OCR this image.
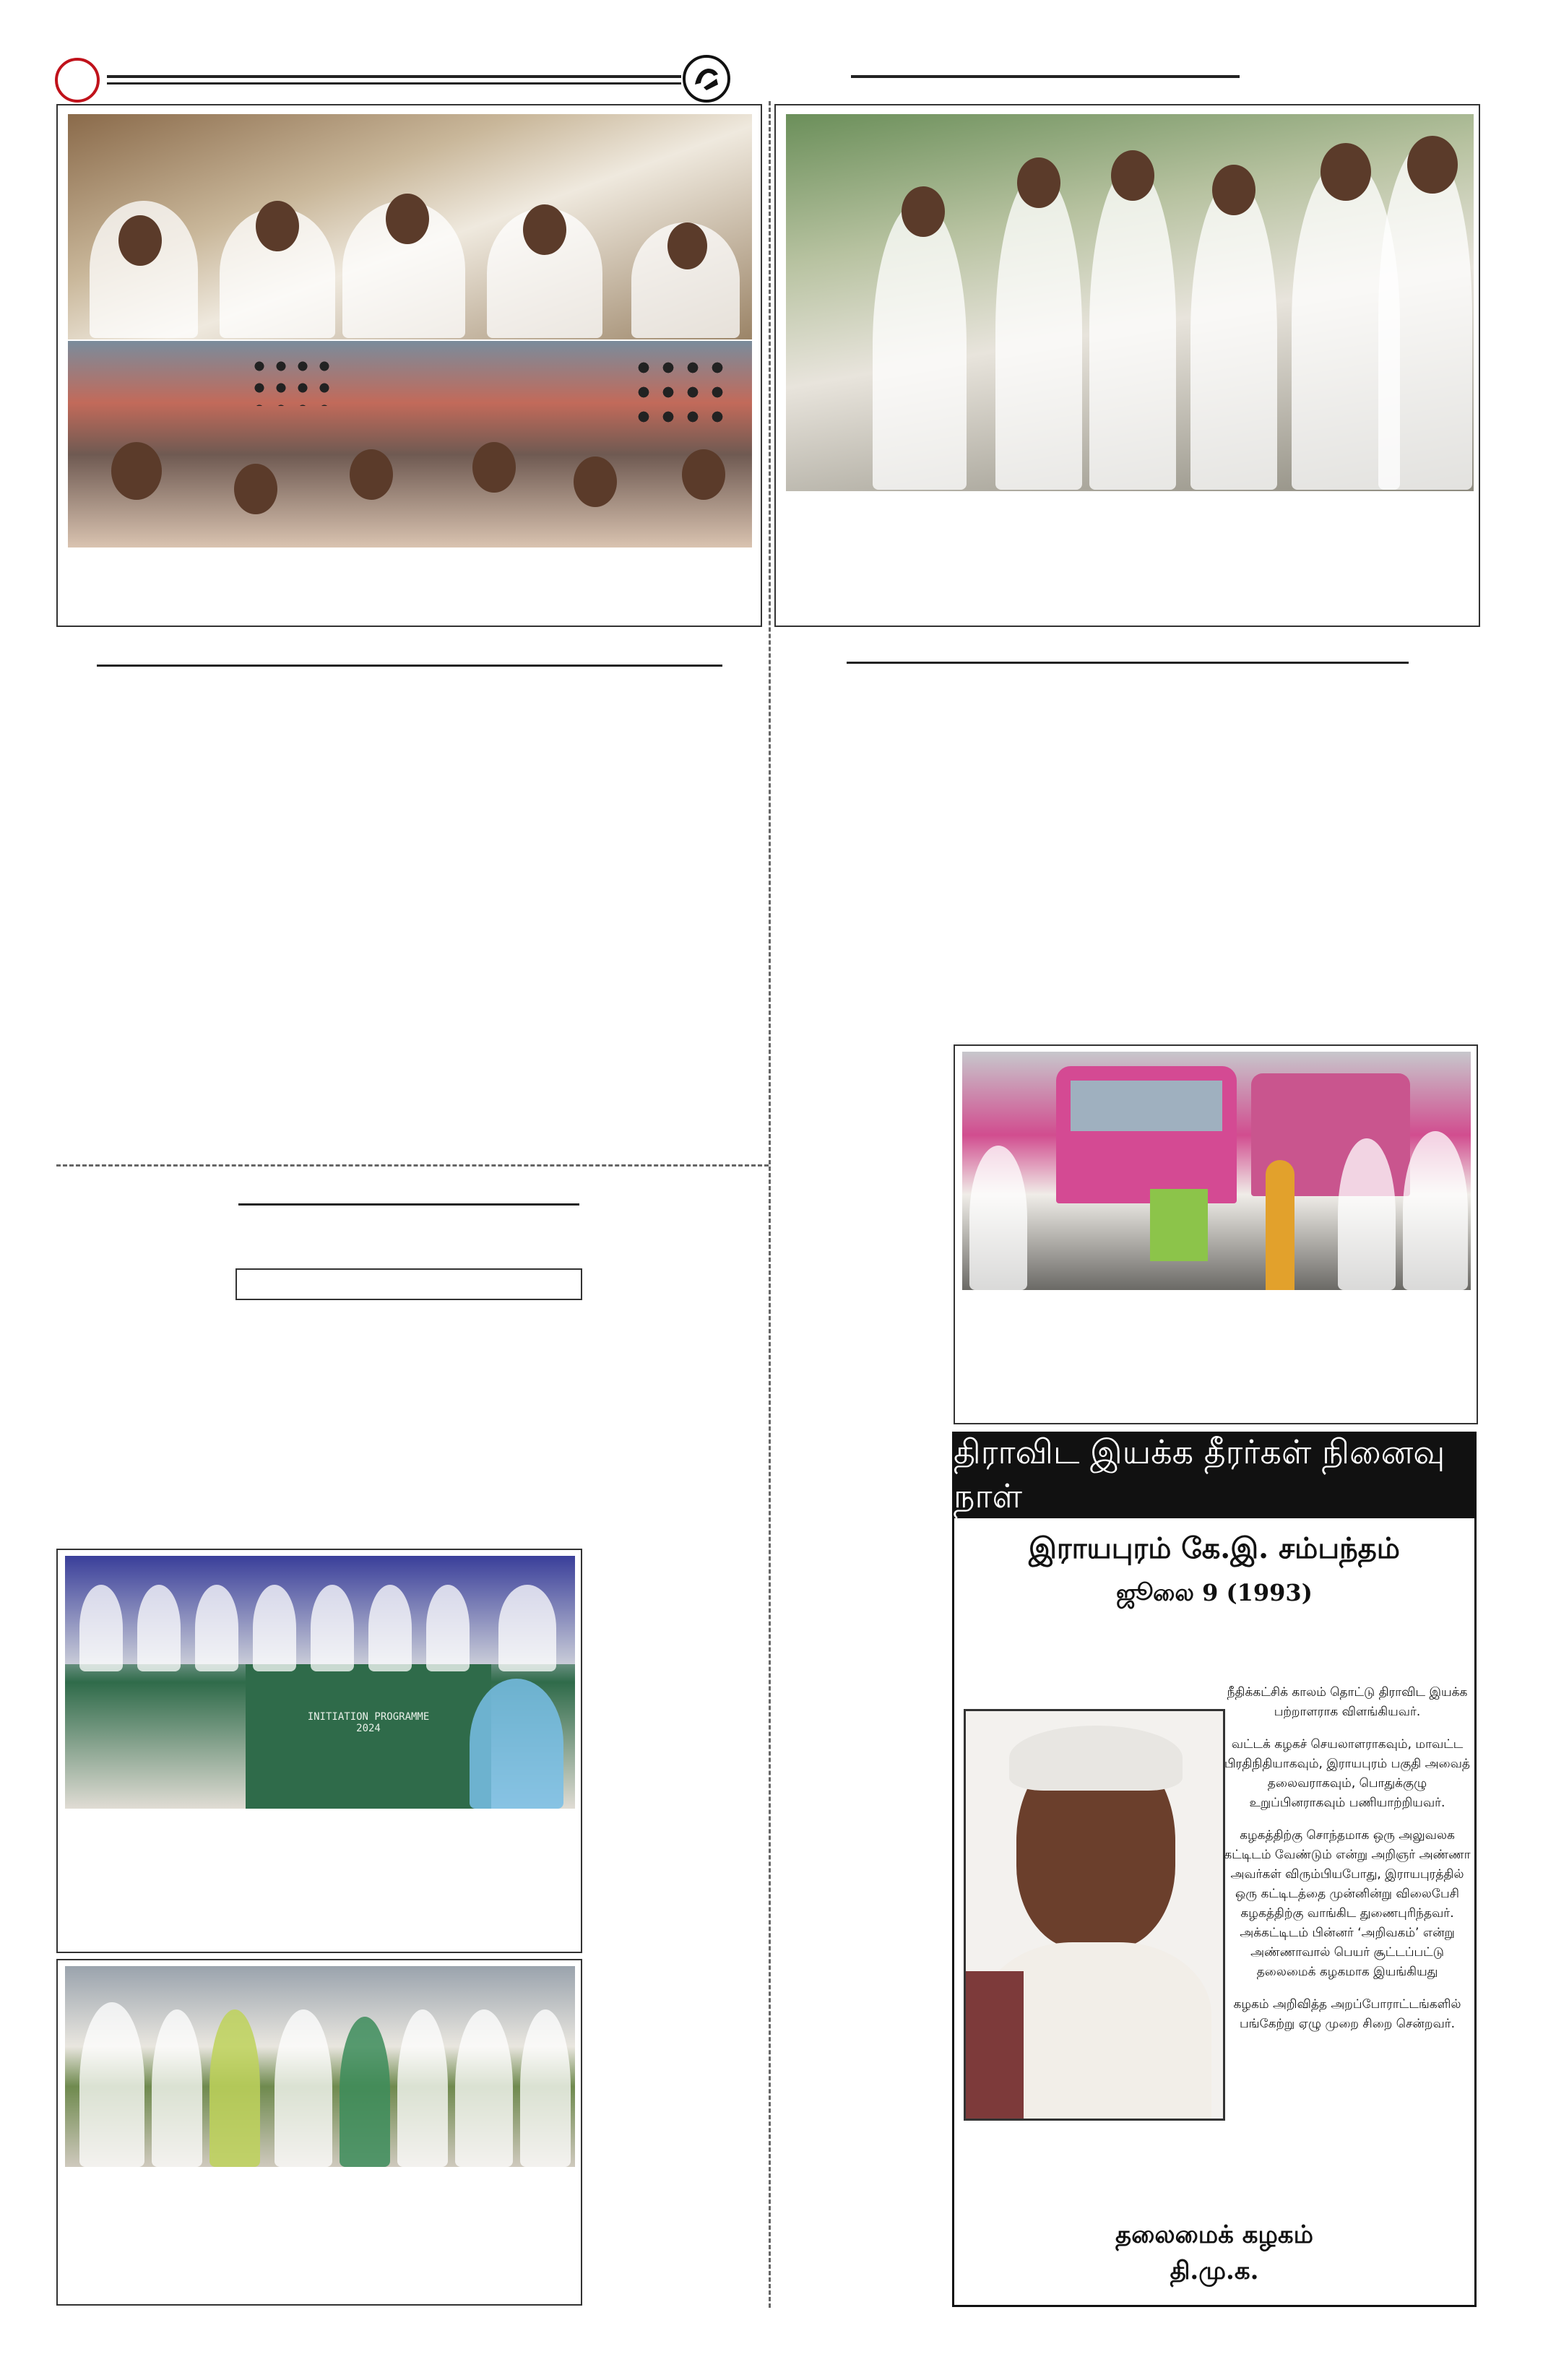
INITIATION PROGRAMME
2024
திராவிட இயக்க தீரர்கள் நினைவு நாள்
இராயபுரம் கே.இ. சம்பந்தம்
ஜூலை 9 (1993)

நீதிக்கட்சிக் காலம் தொட்டு திராவிட இயக்க பற்றாளராக விளங்கியவர்.

வட்டக் கழகச் செயலாளராகவும், மாவட்ட பிரதிநிதியாகவும், இராயபுரம் பகுதி அவைத் தலைவராகவும், பொதுக்குழு உறுப்பினராகவும் பணியாற்றியவர்.

கழகத்திற்கு சொந்தமாக ஒரு அலுவலக கட்டிடம் வேண்டும் என்று அறிஞர் அண்ணா அவர்கள் விரும்பியபோது, இராயபுரத்தில் ஒரு கட்டிடத்தை முன்னின்று விலைபேசி கழகத்திற்கு வாங்கிட துணைபுரிந்தவர். அக்கட்டிடம் பின்னர் ‘அறிவகம்’ என்று அண்ணாவால் பெயர் சூட்டப்பட்டு தலைமைக் கழகமாக இயங்கியது

கழகம் அறிவித்த அறப்போராட்டங்களில் பங்கேற்று ஏழு முறை சிறை சென்றவர்.

தலைமைக் கழகம்
தி.மு.க.
